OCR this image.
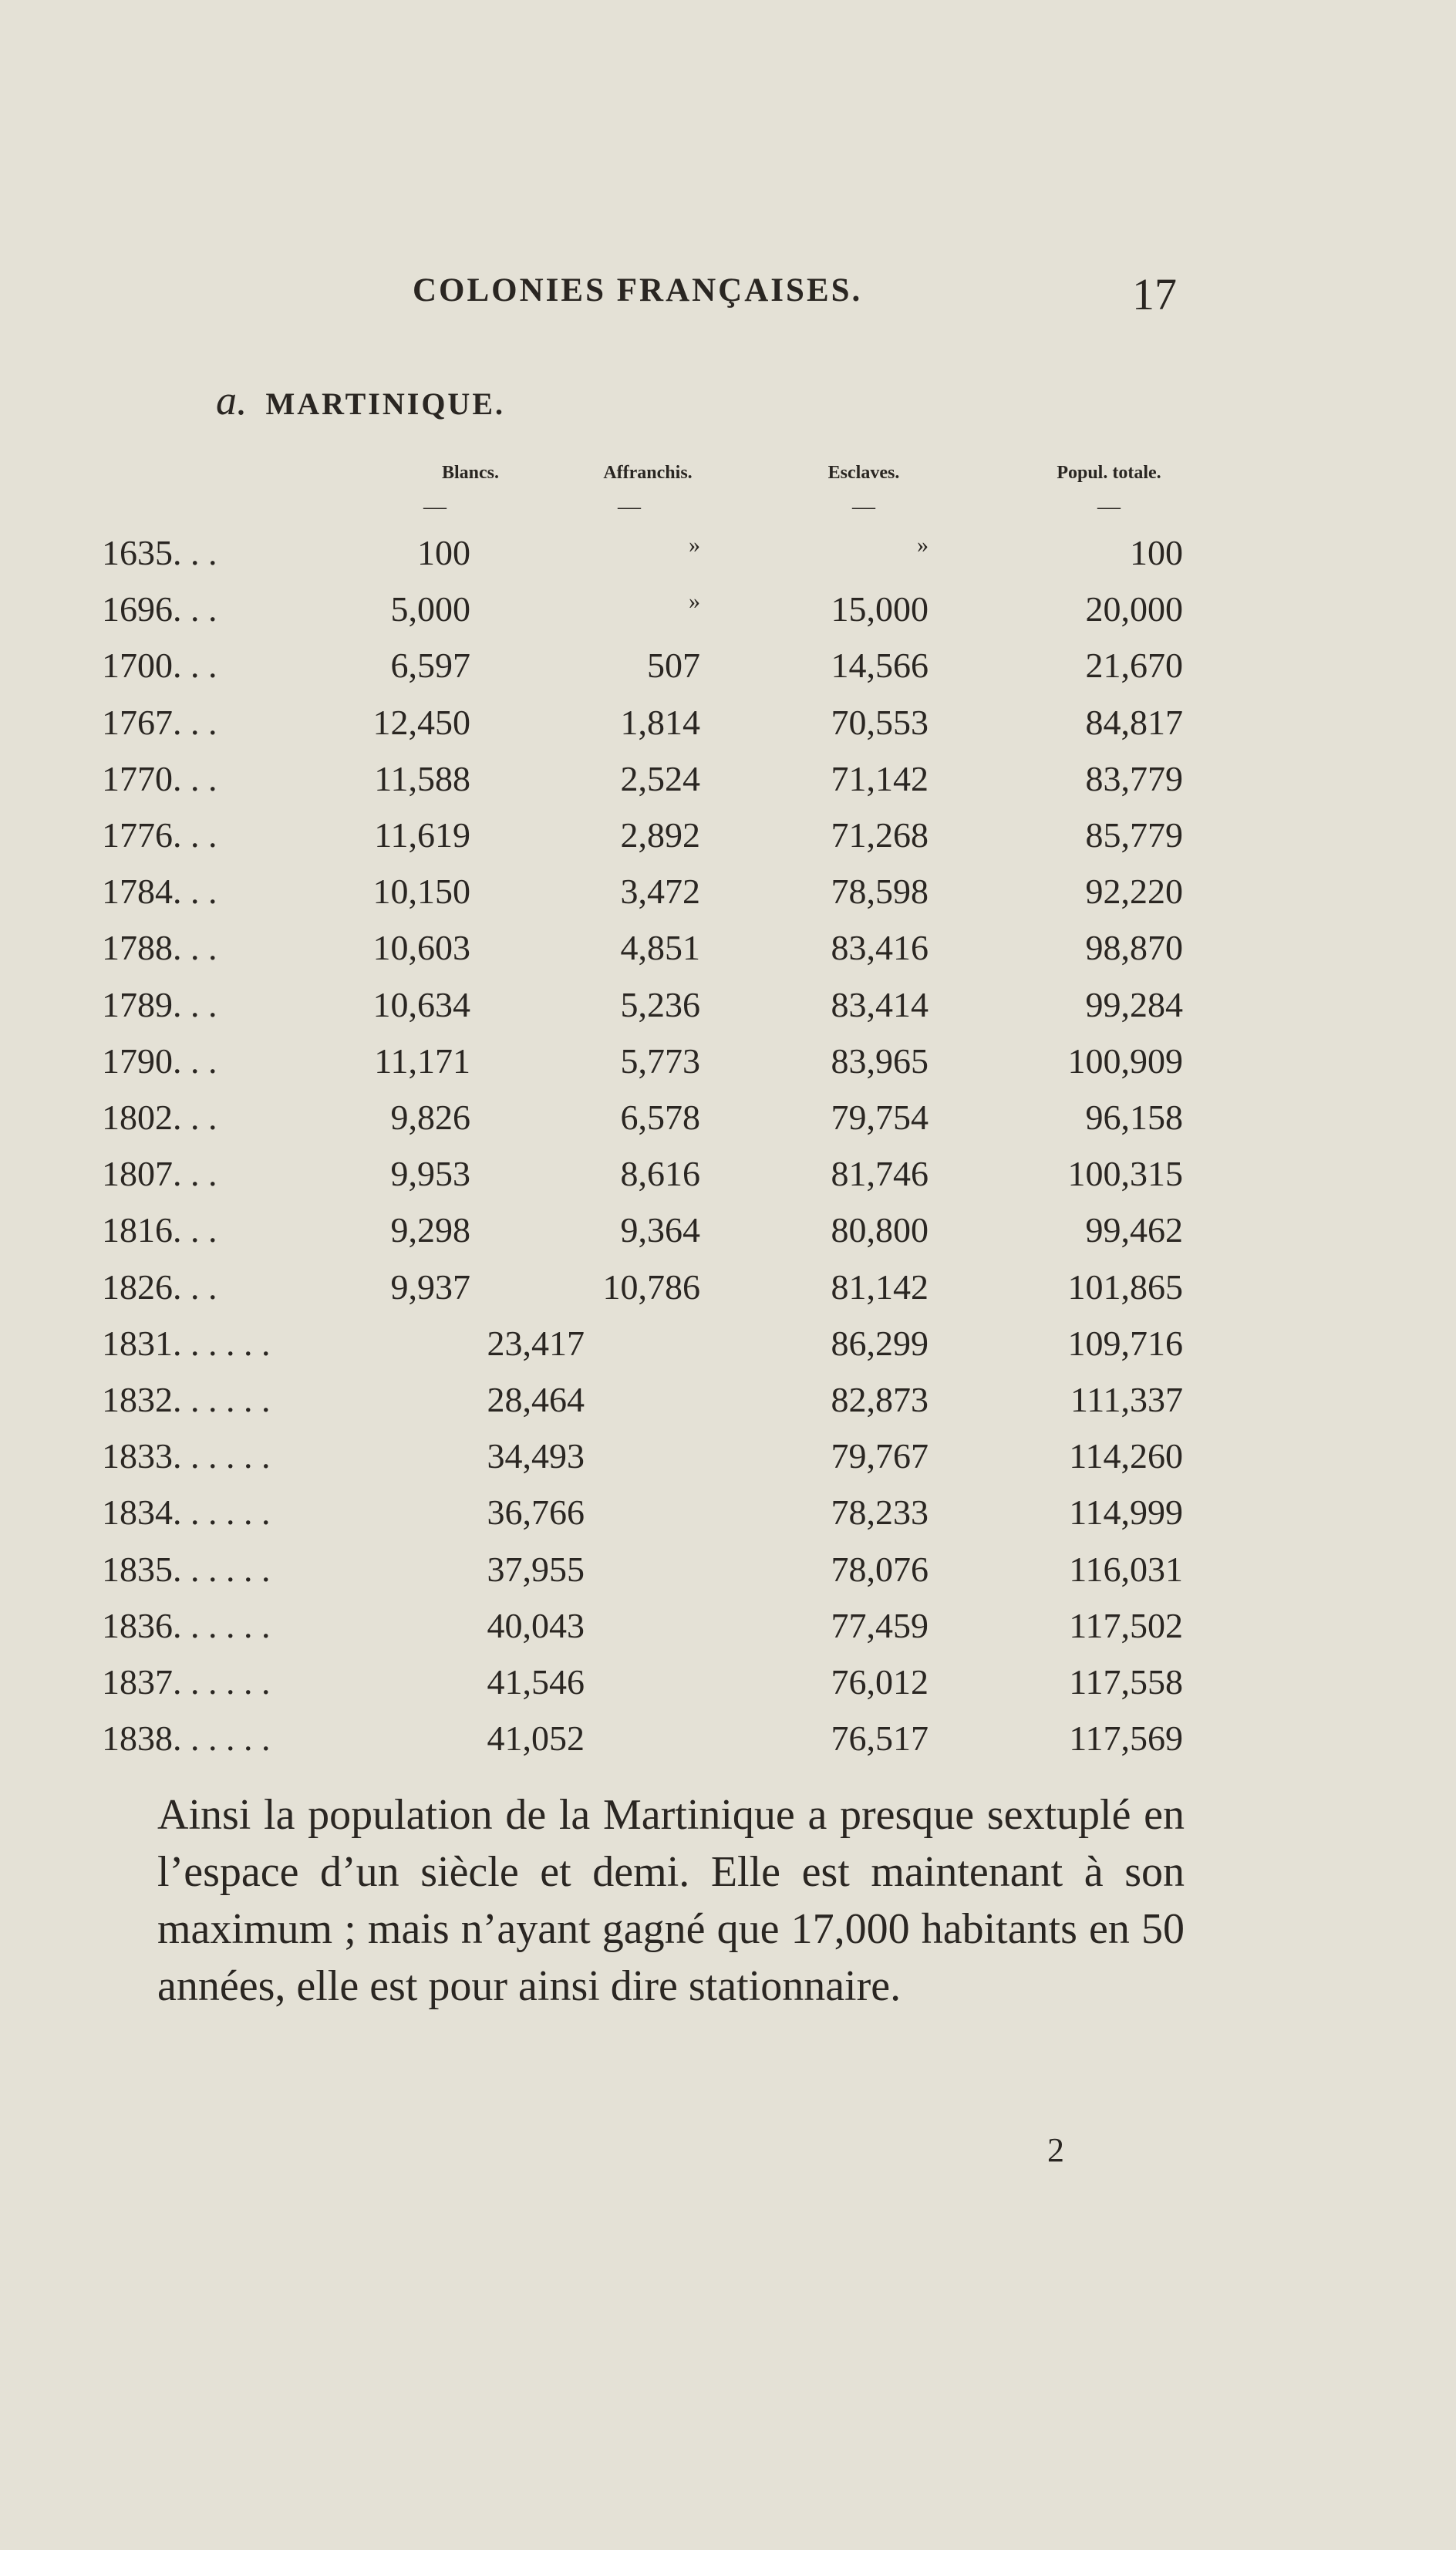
COLONIES FRANÇAISES.	17
a. MARTINIQUE.
Blancs.	Affranchis.	Esclaves.	Popul. totale.
—	—	—	—
1635. . .	100	»	»	100
1696. . .	5,000	»	15,000	20,000
1700. . .	6,597	507	14,566	21,670
1767. . .	12,450	1,814	70,553	84,817
1770. . .	11,588	2,524	71,142	83,779
1776. . .	11,619	2,892	71,268	85,779
1784. . .	10,150	3,472	78,598	92,220
1788. . .	10,603	4,851	83,416	98,870
1789. . .	10,634	5,236	83,414	99,284
1790. . .	11,171	5,773	83,965	100,909
1802. . .	9,826	6,578	79,754	96,158
1807. . .	9,953	8,616	81,746	100,315
1816. . .	9,298	9,364	80,800	99,462
1826. . .	9,937	10,786	81,142	101,865
1831. . . . . .	23,417	86,299	109,716
1832. . . . . .	28,464	82,873	111,337
1833. . . . . .	34,493	79,767	114,260
1834. . . . . .	36,766	78,233	114,999
1835. . . . . .	37,955	78,076	116,031
1836. . . . . .	40,043	77,459	117,502
1837. . . . . .	41,546	76,012	117,558
1838. . . . . .	41,052	76,517	117,569
Ainsi la population de la Martinique a presque sextuplé en l’espace d’un siècle et demi. Elle est maintenant à son maximum ; mais n’ayant gagné que 17,000 habitants en 50 années, elle est pour ainsi dire stationnaire.
2
